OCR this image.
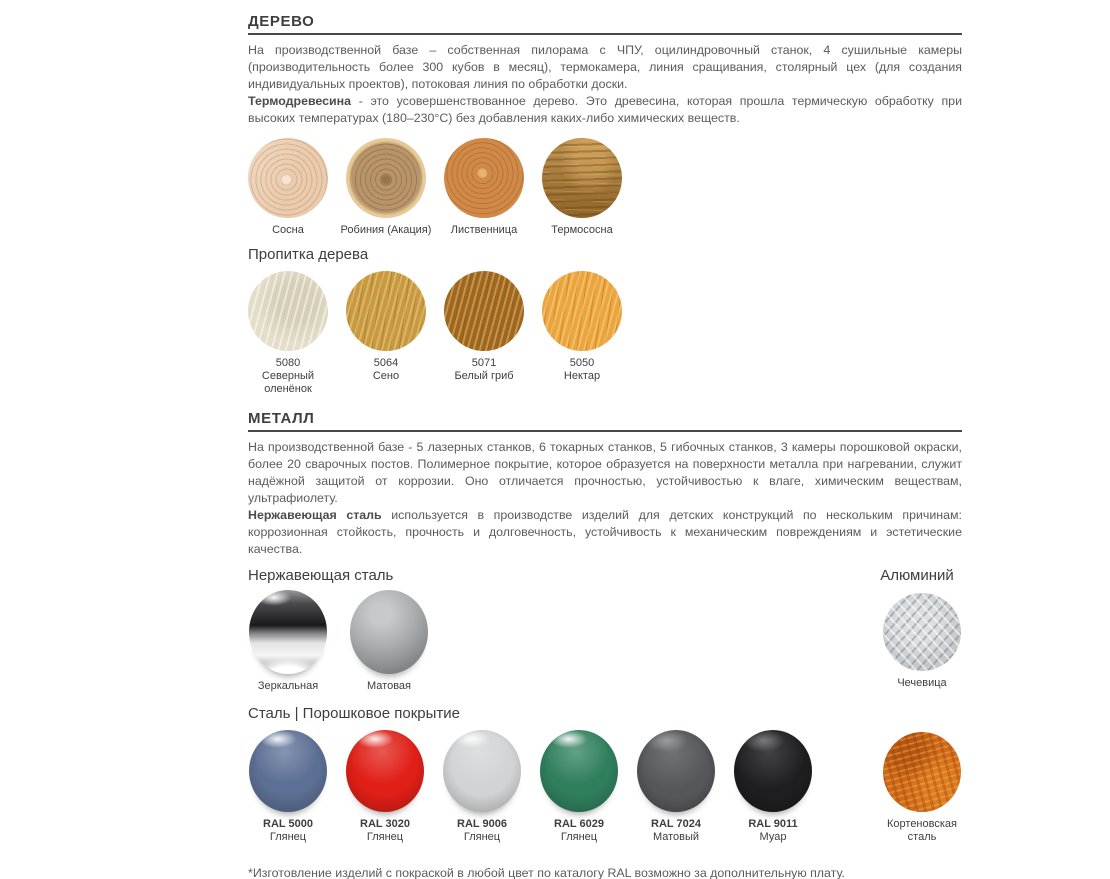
ДЕРЕВО

На производственной базе – собственная пилорама с ЧПУ, оцилиндровочный станок, 4 сушильные камеры (производительность более 300 кубов в месяц), термокамера, линия сращивания, столярный цех (для создания индивидуальных проектов), потоковая линия по обработки доски.

Термодревесина - это усовершенствованное дерево. Это древесина, которая прошла термическую обработку при высоких температурах (180–230°С) без добавления каких-либо химических веществ.

Сосна	Робиния (Акация)	Лиственница	Термососна
Пропитка дерева
5080
Северный оленёнок
5064
Сено
5071
Белый гриб
5050
Нектар
МЕТАЛЛ

На производственной базе - 5 лазерных станков, 6 токарных станков, 5 гибочных станков, 3 камеры порошковой окраски, более 20 сварочных постов. Полимерное покрытие, которое образуется на поверхности металла при нагревании, служит надёжной защитой от коррозии. Оно отличается прочностью, устойчивостью к влаге, химическим веществам, ультрафиолету.

Нержавеющая сталь используется в производстве изделий для детских конструкций по нескольким причинам: коррозионная стойкость, прочность и долговечность, устойчивость к механическим повреждениям и эстетические качества.

Нержавеющая сталь	Алюминий
Зеркальная	Матовая	Чечевица
Сталь | Порошковое покрытие
RAL 5000
Глянец
RAL 3020
Глянец
RAL 9006
Глянец
RAL 6029
Глянец
RAL 7024
Матовый
RAL 9011
Муар
Кортеновская сталь

*Изготовление изделий с покраской в любой цвет по каталогу RAL возможно за дополнительную плату.
